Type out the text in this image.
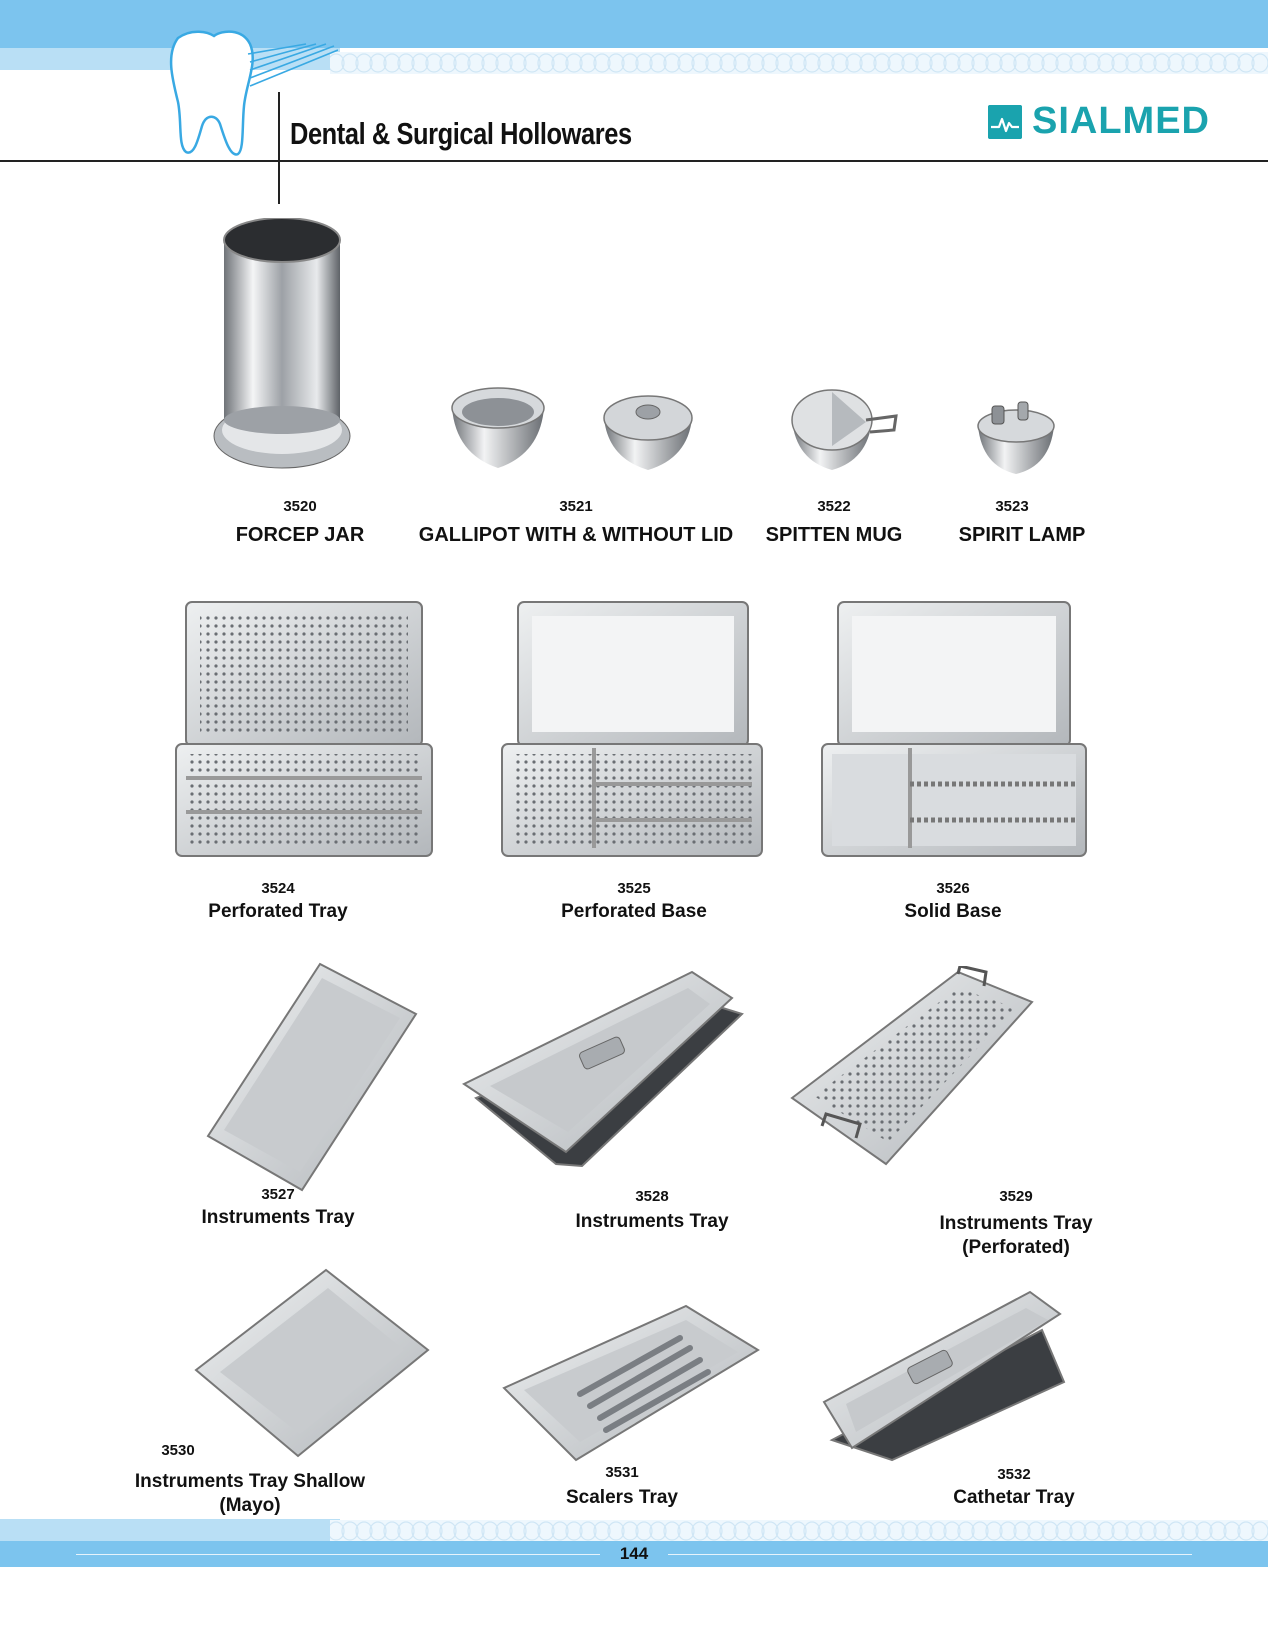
Dental & Surgical Hollowares	SIALMED
3520
FORCEP JAR
3521
GALLIPOT WITH & WITHOUT LID
3522
SPITTEN MUG
3523
SPIRIT LAMP
3524
Perforated Tray
3525
Perforated Base
3526
Solid Base
3527
Instruments Tray
3528
Instruments Tray
3529
Instruments Tray
(Perforated)
3530
Instruments Tray Shallow
(Mayo)
3531
Scalers Tray
3532
Cathetar Tray
144
